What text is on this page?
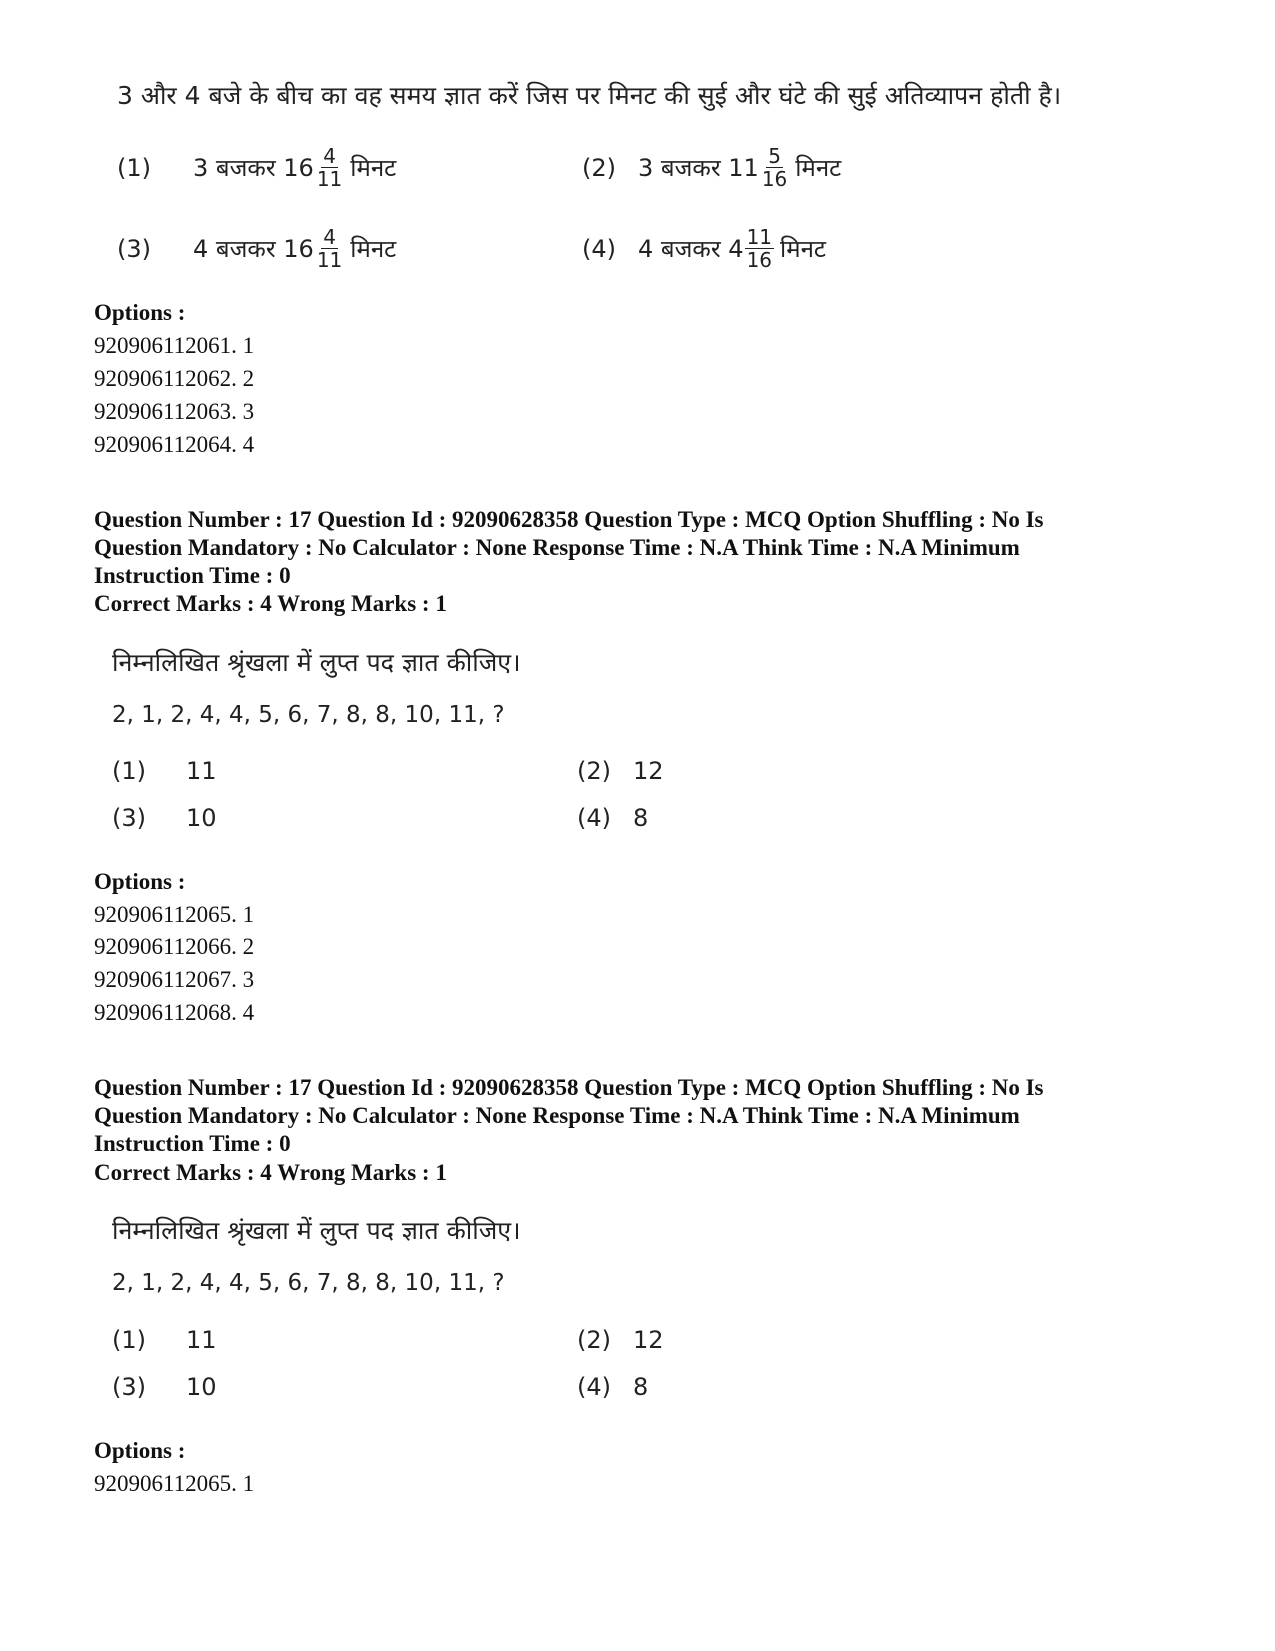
3 और 4 बजे के बीच का वह समय ज्ञात करें जिस पर मिनट की सुई और घंटे की सुई अतिव्यापन होती है।
(1)	3 बजकर $16 \frac{4}{11}$ मिनट	(2) 3 बजकर $11 \frac{5}{16}$ मिनट
(3)	4 बजकर $16 \frac{4}{11}$ मिनट	(4) 4 बजकर $4 \frac{11}{16}$ मिनट
Options :
920906112061. 1
920906112062. 2
920906112063. 3
920906112064. 4
Question Number : 17 Question Id : 92090628358 Question Type : MCQ Option Shuffling : No Is
Question Mandatory : No Calculator : None Response Time : N.A Think Time : N.A Minimum
Instruction Time : 0
Correct Marks : 4 Wrong Marks : 1
निम्नलिखित श्रृंखला में लुप्त पद ज्ञात कीजिए।
2, 1, 2, 4, 4, 5, 6, 7, 8, 8, 10, 11, ?
(1)	11	(2) 12
(3)	10	(4) 8
Options :
920906112065. 1
920906112066. 2
920906112067. 3
920906112068. 4
Question Number : 17 Question Id : 92090628358 Question Type : MCQ Option Shuffling : No Is
Question Mandatory : No Calculator : None Response Time : N.A Think Time : N.A Minimum
Instruction Time : 0
Correct Marks : 4 Wrong Marks : 1
निम्नलिखित श्रृंखला में लुप्त पद ज्ञात कीजिए।
2, 1, 2, 4, 4, 5, 6, 7, 8, 8, 10, 11, ?
(1)	11	(2) 12
(3)	10	(4) 8
Options :
920906112065. 1
